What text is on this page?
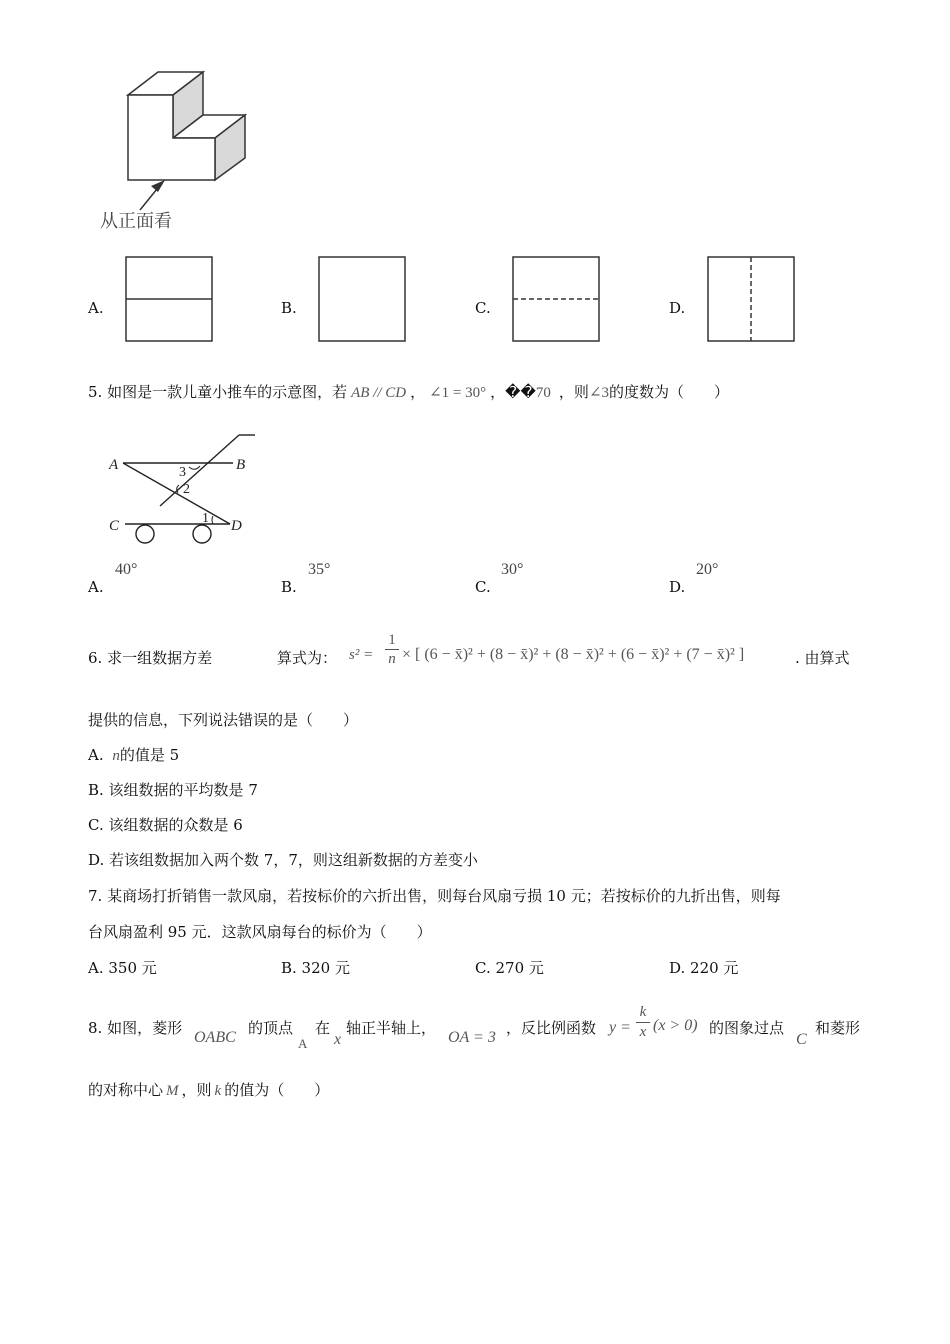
从正面看
A.	B.	C.	D.
5. 如图是一款儿童小推车的示意图，若 AB // CD ， ∠1 = 30° ，��70 ，则∠3的度数为（　　）
A	B
C	D
3
2
1
A.
40°
B.
35°
C.
30°
D.
20°
6. 求一组数据方差	算式为： s² =
1
n × [ (6 − x̄)² + (8 − x̄)² + (8 − x̄)² + (6 − x̄)² + (7 − x̄)² ]	. 由算式
提供的信息，下列说法错误的是（　　）
A. n的值是 5
B. 该组数据的平均数是 7
C. 该组数据的众数是 6
D. 若该组数据加入两个数 7，7，则这组新数据的方差变小
7. 某商场打折销售一款风扇，若按标价的六折出售，则每台风扇亏损 10 元；若按标价的九折出售，则每
台风扇盈利 95 元．这款风扇每台的标价为（　　）
A. 350 元	B. 320 元	C. 270 元	D. 220 元
8. 如图，菱形
OABC
的顶点
A
在
x
轴正半轴上，
OA = 3
，反比例函数 y =
k
x (x > 0) 的图象过点
C
和菱形
的对称中心 M ，则 k 的值为（　　）
